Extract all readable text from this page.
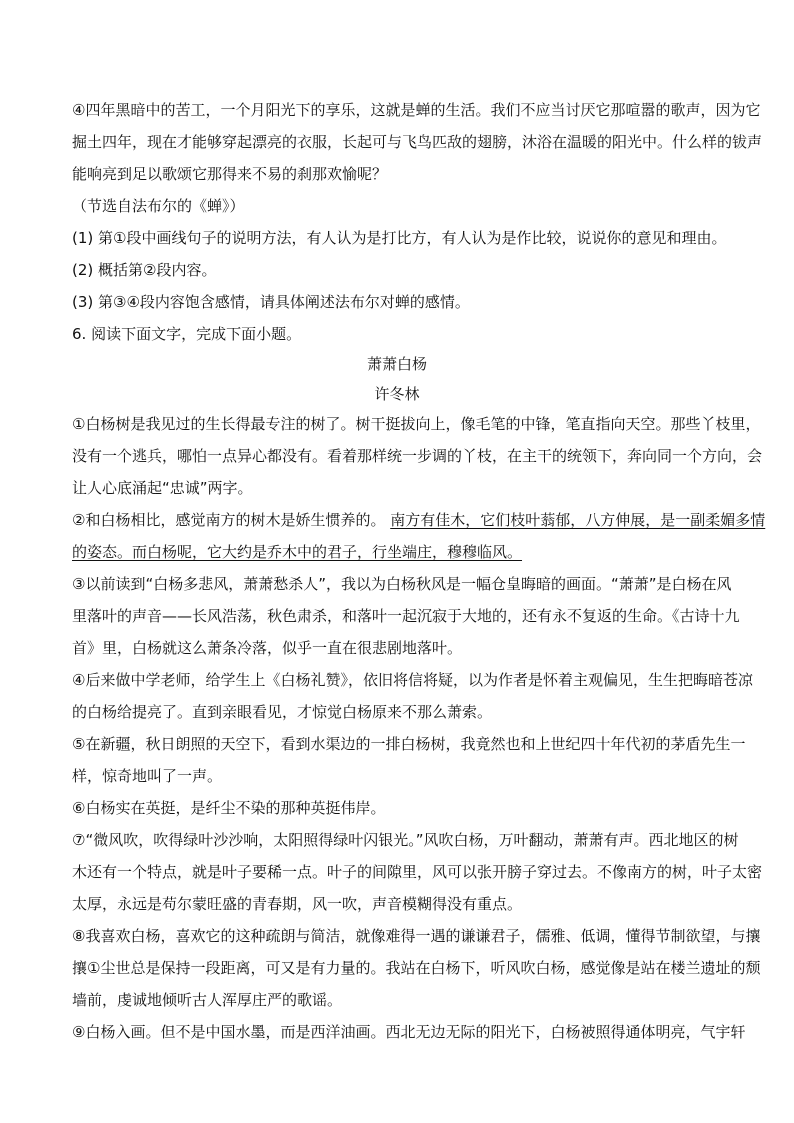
④四年黑暗中的苦工，一个月阳光下的享乐，这就是蝉的生活。我们不应当讨厌它那喧嚣的歌声，因为它
掘土四年，现在才能够穿起漂亮的衣服，长起可与飞鸟匹敌的翅膀，沐浴在温暖的阳光中。什么样的钹声
能响亮到足以歌颂它那得来不易的刹那欢愉呢？
（节选自法布尔的《蝉》）
(1) 第①段中画线句子的说明方法，有人认为是打比方，有人认为是作比较，说说你的意见和理由。
(2) 概括第②段内容。
(3) 第③④段内容饱含感情，请具体阐述法布尔对蝉的感情。
6. 阅读下面文字，完成下面小题。
萧萧白杨
许冬林
①白杨树是我见过的生长得最专注的树了。树干挺拔向上，像毛笔的中锋，笔直指向天空。那些丫枝里，
没有一个逃兵，哪怕一点异心都没有。看着那样统一步调的丫枝，在主干的统领下，奔向同一个方向，会
让人心底涌起“忠诚”两字。
②和白杨相比，感觉南方的树木是娇生惯养的。 南方有佳木，它们枝叶蓊郁，八方伸展，是一副柔媚多情
的姿态。而白杨呢，它大约是乔木中的君子，行坐端庄，穆穆临风。
③以前读到“白杨多悲风，萧萧愁杀人”，我以为白杨秋风是一幅仓皇晦暗的画面。“萧萧”是白杨在风
里落叶的声音——长风浩荡，秋色肃杀，和落叶一起沉寂于大地的，还有永不复返的生命。《古诗十九
首》里，白杨就这么萧条冷落，似乎一直在很悲剧地落叶。
④后来做中学老师，给学生上《白杨礼赞》，依旧将信将疑，以为作者是怀着主观偏见，生生把晦暗苍凉
的白杨给提亮了。直到亲眼看见，才惊觉白杨原来不那么萧索。
⑤在新疆，秋日朗照的天空下，看到水渠边的一排白杨树，我竟然也和上世纪四十年代初的茅盾先生一
样，惊奇地叫了一声。
⑥白杨实在英挺，是纤尘不染的那种英挺伟岸。
⑦“微风吹，吹得绿叶沙沙响，太阳照得绿叶闪银光。”风吹白杨，万叶翻动，萧萧有声。西北地区的树
木还有一个特点，就是叶子要稀一点。叶子的间隙里，风可以张开膀子穿过去。不像南方的树，叶子太密
太厚，永远是苟尔蒙旺盛的青春期，风一吹，声音模糊得没有重点。
⑧我喜欢白杨，喜欢它的这种疏朗与简洁，就像难得一遇的谦谦君子，儒雅、低调，懂得节制欲望，与攘
攘①尘世总是保持一段距离，可又是有力量的。我站在白杨下，听风吹白杨，感觉像是站在楼兰遗址的颓
墙前，虔诚地倾听古人浑厚庄严的歌谣。
⑨白杨入画。但不是中国水墨，而是西洋油画。西北无边无际的阳光下，白杨被照得通体明亮，气宇轩
